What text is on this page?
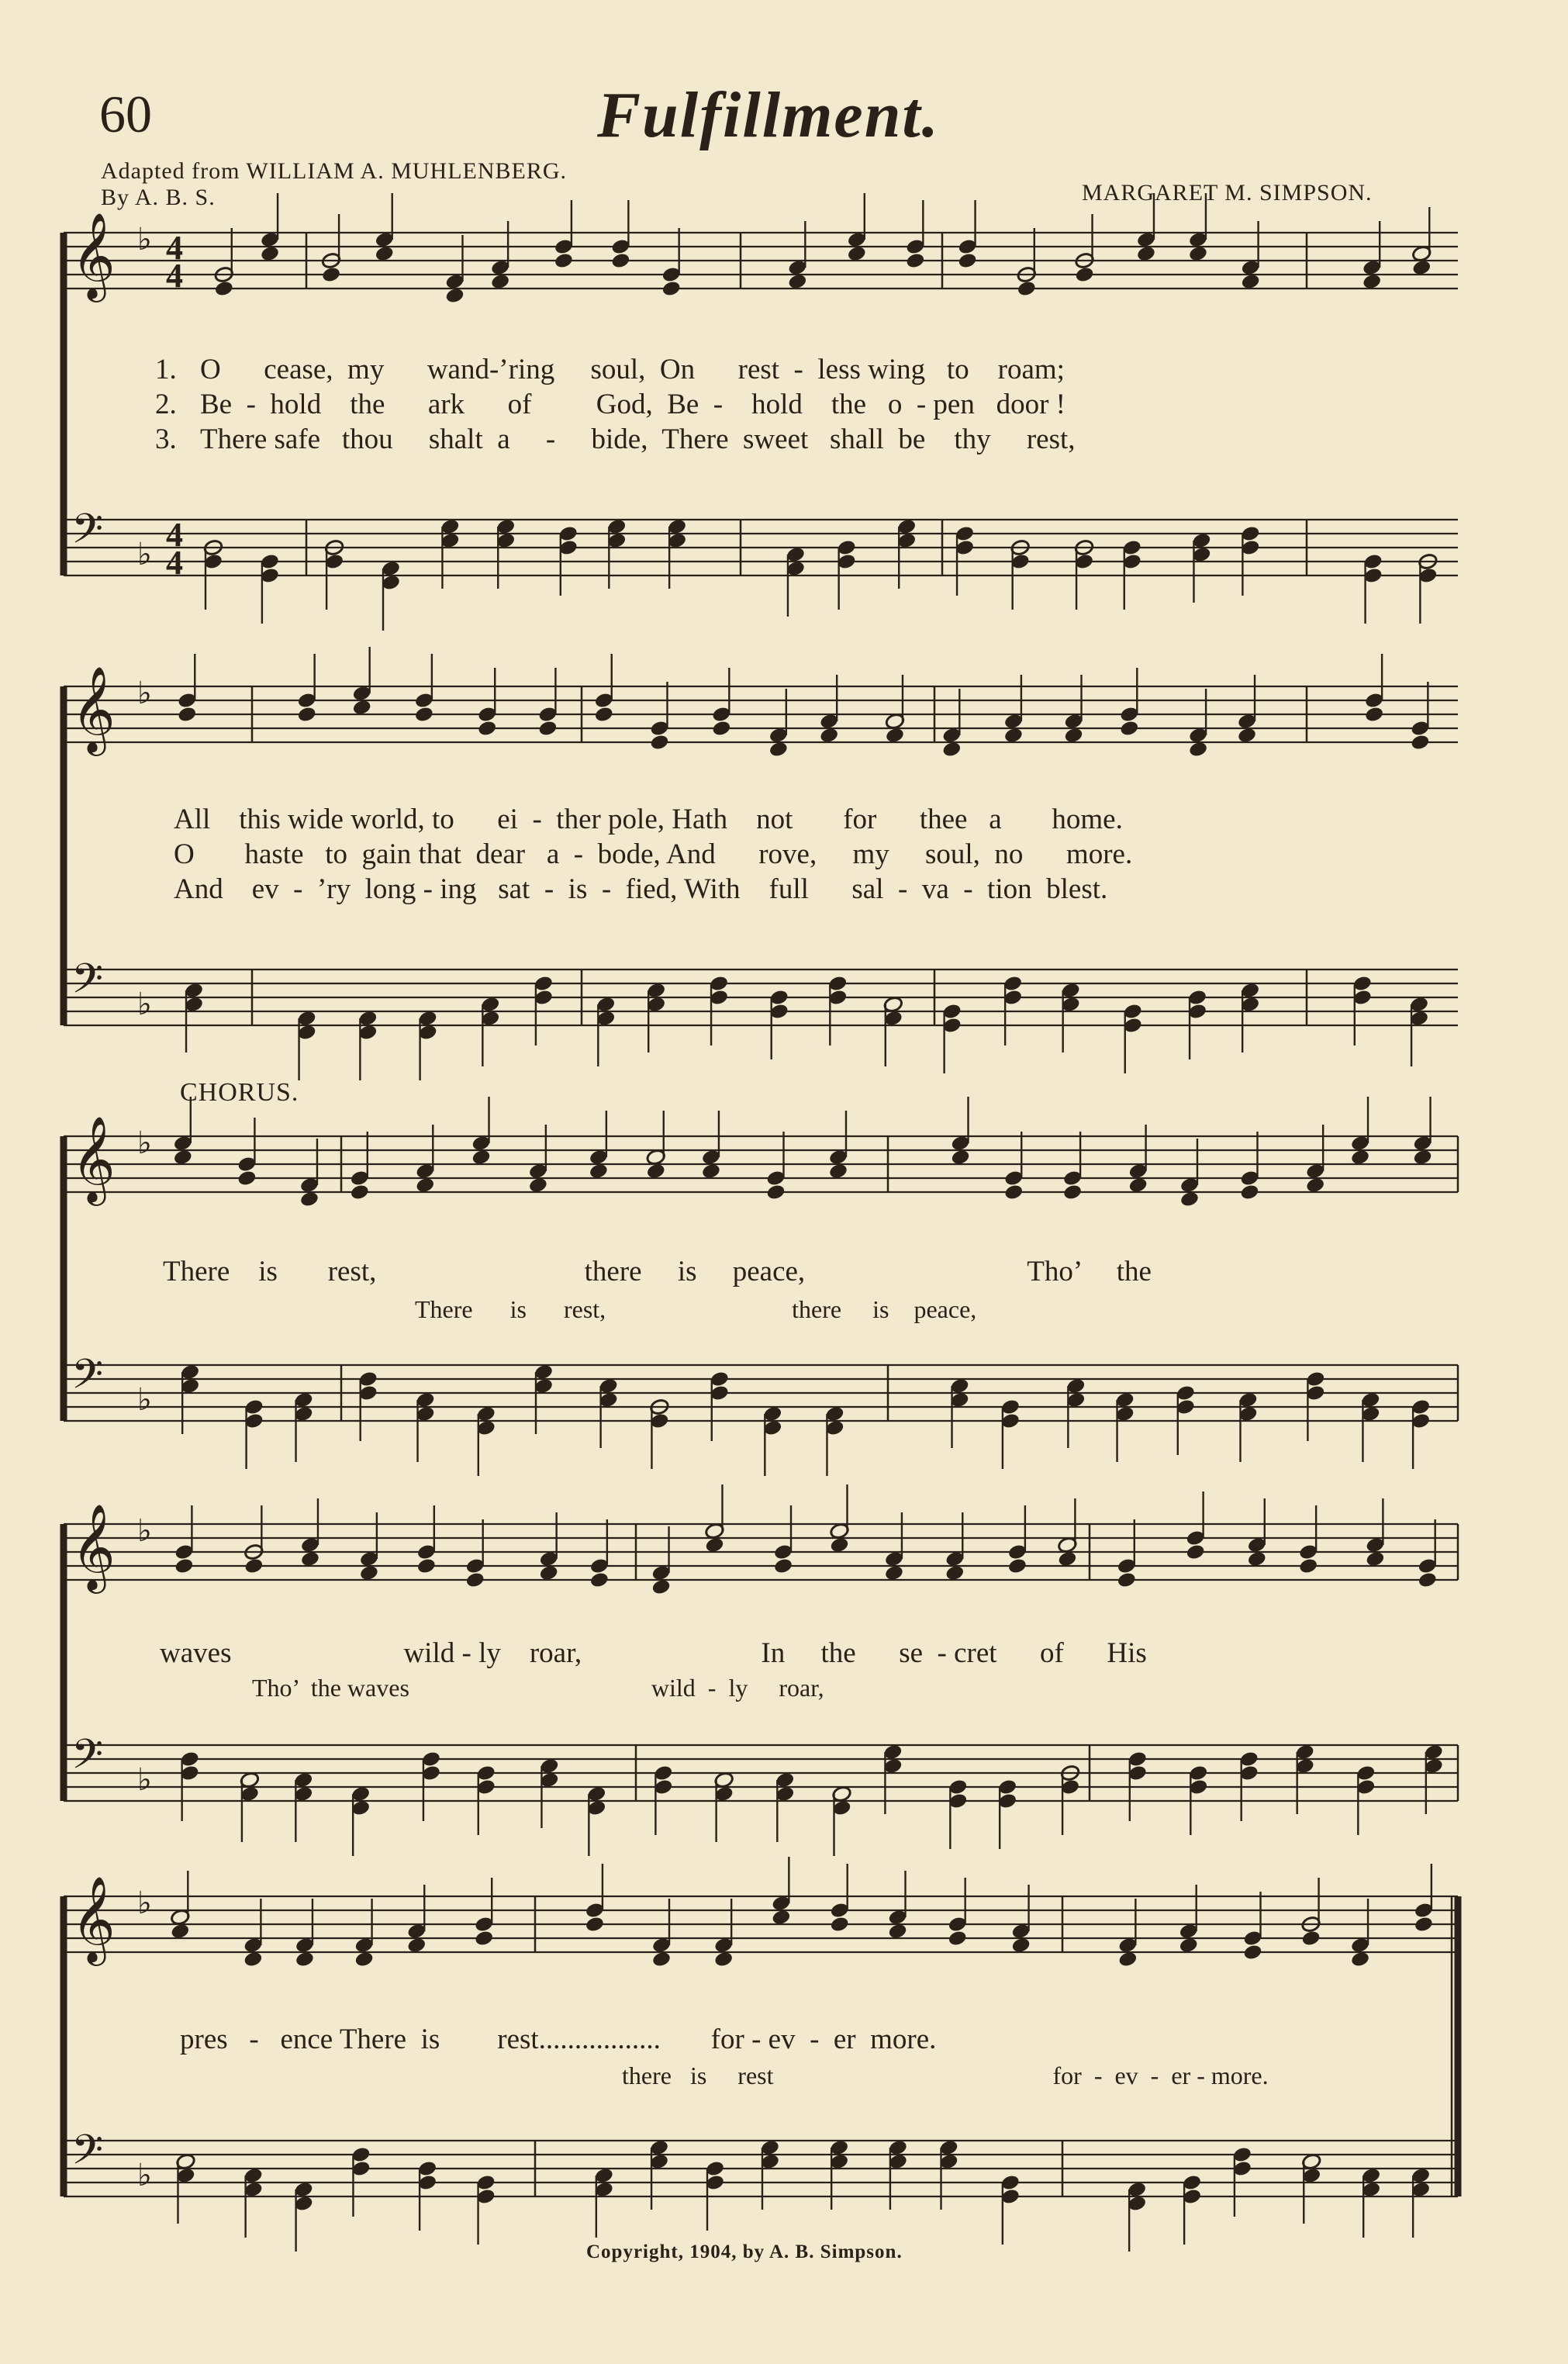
60	Fulfillment.
Adapted from WILLIAM A. MUHLENBERG.
By A. B. S.	MARGARET M. SIMPSON.
𝄞 ♭ 4
4
𝄢 ♭
4
4
𝄞 ♭
𝄢 ♭
𝄞 ♭
𝄢 ♭
𝄞 ♭
𝄢 ♭
𝄞 ♭
𝄢 ♭
1. O      cease,  my      wand-’ring     soul,  On      rest  -  less wing   to    roam;
2. Be  -  hold    the      ark      of         God,  Be  -    hold    the   o  - pen   door !
3. There safe   thou     shalt  a     -     bide,  There  sweet   shall  be    thy     rest,
All    this wide world, to      ei  -  ther pole, Hath    not       for      thee   a       home.
O       haste   to  gain that  dear   a  -  bode, And      rove,     my     soul,  no      more.
And    ev  -  ’ry  long - ing   sat  -  is  -  fied, With    full      sal  -  va  -  tion  blest.
CHORUS.
There    is       rest,                             there     is     peace,                               Tho’     the
There      is      rest,                              there     is    peace,
waves                        wild - ly    roar,                         In     the      se  - cret      of      His
Tho’  the waves                                       wild  -  ly     roar,
pres   -   ence There  is        rest.................       for - ev  -  er  more.
there   is     rest                                             for  -  ev  -  er - more.
Copyright, 1904, by A. B. Simpson.
